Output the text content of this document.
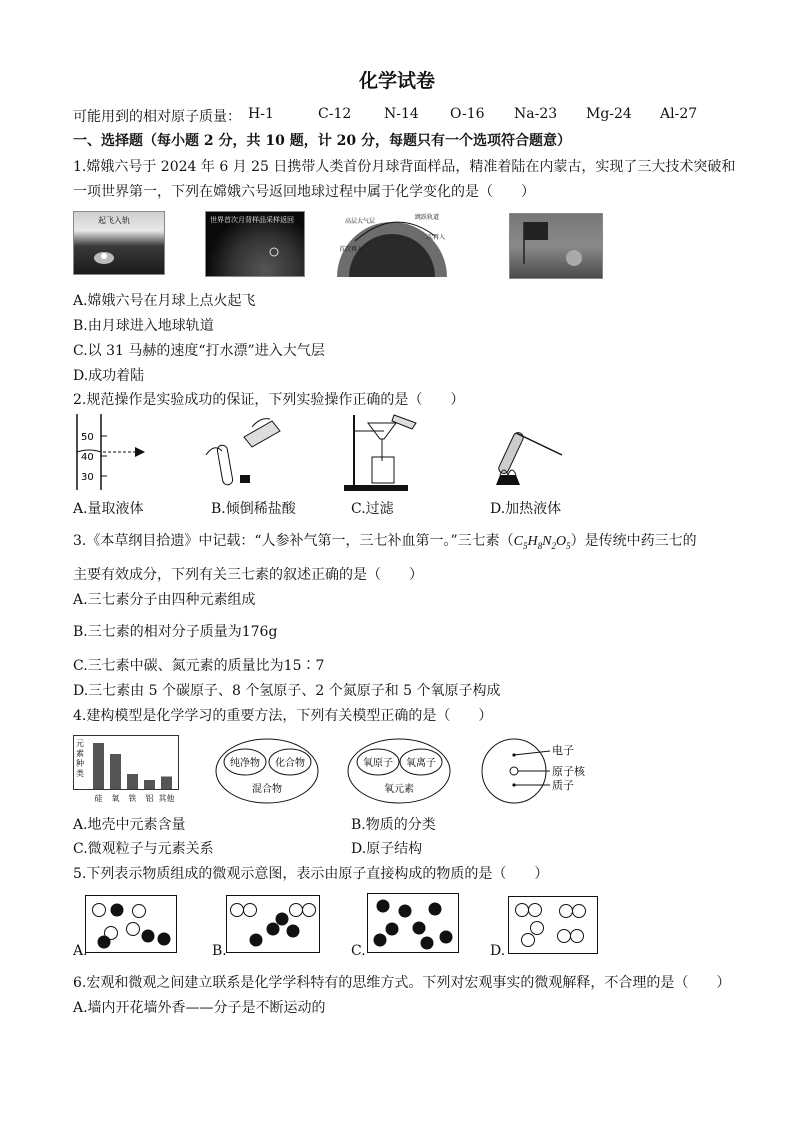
化学试卷
可能用到的相对原子质量： H-1	C-12 N-14 O-16 Na-23 Mg-24 Al-27
一、选择题（每小题 2 分，共 10 题，计 20 分，每题只有一个选项符合题意）
1.嫦娥六号于 2024 年 6 月 25 日携带人类首份月球背面样品，精准着陆在内蒙古，实现了三大技术突破和
一项世界第一，下列在嫦娥六号返回地球过程中属于化学变化的是（　　）
起飞入轨	世界首次月背样品采样返回	高层大气层
跳跃轨道
二次再入
首次再入
A.嫦娥六号在月球上点火起飞
B.由月球进入地球轨道
C.以 31 马赫的速度“打水漂”进入大气层
D.成功着陆
2.规范操作是实验成功的保证，下列实验操作正确的是（　　）
50
40
30
A.量取液体	B.倾倒稀盐酸	C.过滤	D.加热液体
3.《本草纲目拾遗》中记载：“人参补气第一，三七补血第一。”三七素$(C_5H_8N_2O_5)$是传统中药三七的
主要有效成分，下列有关三七素的叙述正确的是（　　）
A.三七素分子由四种元素组成
B.三七素的相对分子质量为176g
C.三七素中碳、氮元素的质量比为15∶7
D.三七素由 5 个碳原子、8 个氢原子、2 个氮原子和 5 个氧原子构成
4.建构模型是化学学习的重要方法，下列有关模型正确的是（　　）
元
素
种
类
硅 氧 铁 铝 其他
纯净物 化合物
混合物
氧原子 氧离子
氧元素
电子
原子核
质子
A.地壳中元素含量	B.物质的分类
C.微观粒子与元素关系	D.原子结构
5.下列表示物质组成的微观示意图，表示由原子直接构成的物质的是（　　）
A.	B.	C.	D.
6.宏观和微观之间建立联系是化学学科特有的思维方式。下列对宏观事实的微观解释，不合理的是（　　）
A.墙内开花墙外香——分子是不断运动的
